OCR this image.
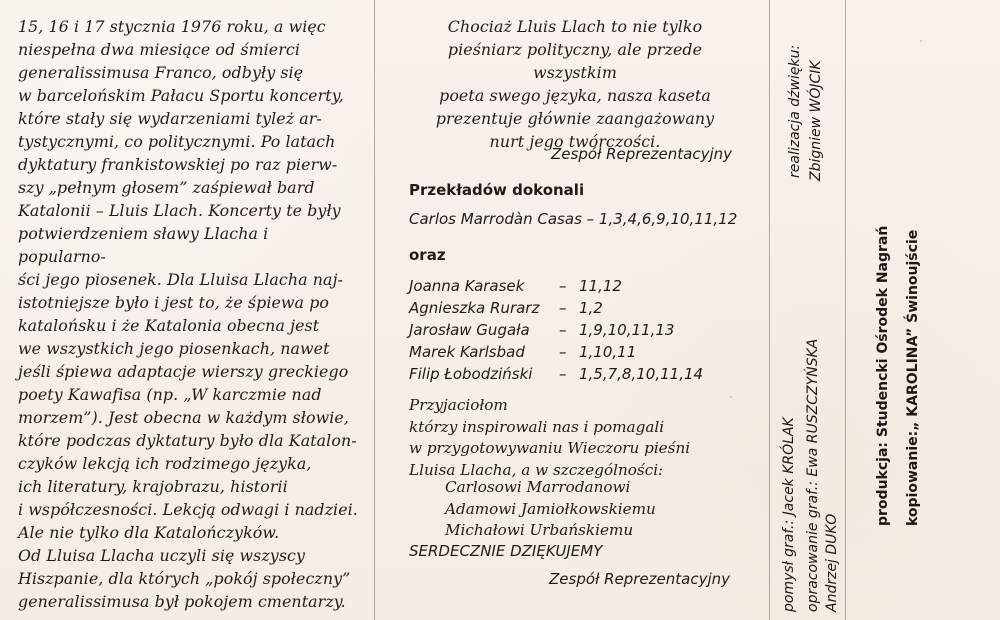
15, 16 i 17 stycznia 1976 roku, a więc
niespełna dwa miesiące od śmierci
generalissimusa Franco, odbyły się
w barcelońskim Pałacu Sportu koncerty,
które stały się wydarzeniami tyleż ar-
tystycznymi, co politycznymi. Po latach
dyktatury frankistowskiej po raz pierw-
szy „pełnym głosem” zaśpiewał bard
Katalonii – Lluis Llach. Koncerty te były
potwierdzeniem sławy Llacha i popularno-
ści jego piosenek. Dla Lluisa Llacha naj-
istotniejsze było i jest to, że śpiewa po
katalońsku i że Katalonia obecna jest
we wszystkich jego piosenkach, nawet
jeśli śpiewa adaptacje wierszy greckiego
poety Kawafisa (np. „W karczmie nad
morzem”). Jest obecna w każdym słowie,
które podczas dyktatury było dla Katalon-
czyków lekcją ich rodzimego języka,
ich literatury, krajobrazu, historii
i współczesności. Lekcją odwagi i nadziei.
Ale nie tylko dla Katalończyków.
Od Lluisa Llacha uczyli się wszyscy
Hiszpanie, dla których „pokój społeczny”
generalissimusa był pokojem cmentarzy.
Chociaż Lluis Llach to nie tylko
pieśniarz polityczny, ale przede wszystkim
poeta swego języka, nasza kaseta
prezentuje głównie zaangażowany
nurt jego twórczości.
Zespół Reprezentacyjny
Przekładów dokonali
Carlos Marrodàn Casas – 1,3,4,6,9,10,11,12
oraz
Joanna Karasek – 11,12
Agnieszka Rurarz – 1,2
Jarosław Gugała – 1,9,10,11,13
Marek Karlsbad – 1,10,11
Filip Łobodziński – 1,5,7,8,10,11,14
Przyjaciołom
którzy inspirowali nas i pomagali
w przygotowywaniu Wieczoru pieśni
Lluisa Llacha, a w szczególności:
Carlosowi Marrodanowi
Adamowi Jamiołkowskiemu
Michałowi Urbańskiemu
SERDECZNIE DZIĘKUJEMY
Zespół Reprezentacyjny	pomysł graf.: Jacek KRÓLAK opracowanie graf.: Ewa RUSZCZYŃSKA Andrzej DUKO
realizacja dźwięku: Zbigniew WÓJCIK
produkcja: Studencki Ośrodek Nagrań kopiowanie:„ KAROLINA” Świnoujście
